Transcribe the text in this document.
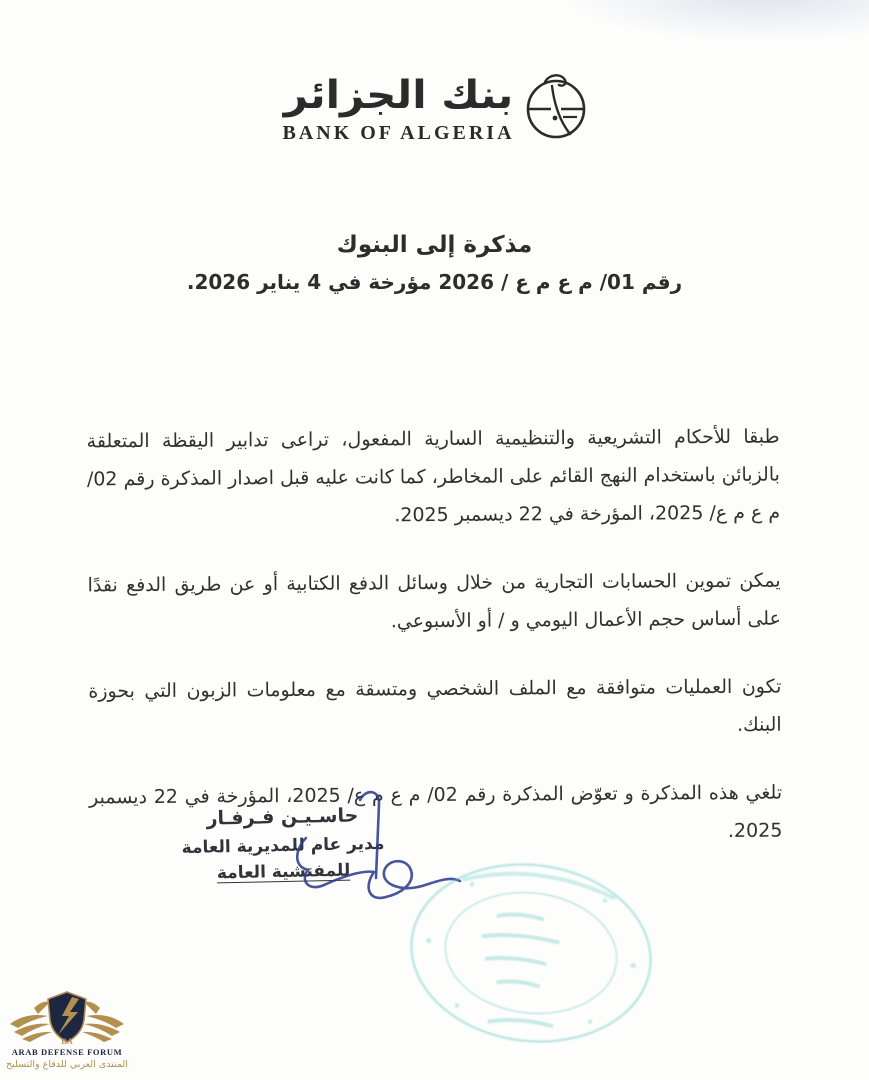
بنك الجزائر
BANK OF ALGERIA
مذكرة إلى البنوك
رقم 01/ م ع م ع / 2026 مؤرخة في 4 يناير 2026.

طبقا للأحكام التشريعية والتنظيمية السارية المفعول، تراعى تدابير اليقظة المتعلقة بالزبائن باستخدام النهج القائم على المخاطر، كما كانت عليه قبل اصدار المذكرة رقم 02/ م ع م ع/ 2025، المؤرخة في 22 ديسمبر 2025.

يمكن تموين الحسابات التجارية من خلال وسائل الدفع الكتابية أو عن طريق الدفع نقدًا على أساس حجم الأعمال اليومي و / أو الأسبوعي.

تكون العمليات متوافقة مع الملف الشخصي ومتسقة مع معلومات الزبون التي بحوزة البنك.

تلغي هذه المذكرة و تعوّض المذكرة رقم 02/ م ع م ع/ 2025، المؤرخة في 22 ديسمبر 2025.

حاسـيـن فـرفـار
مدير عام للمديرية العامة
للمفتشية العامة
DA
ARAB DEFENSE FORUM
المنتدى العربي للدفاع والتسليح
